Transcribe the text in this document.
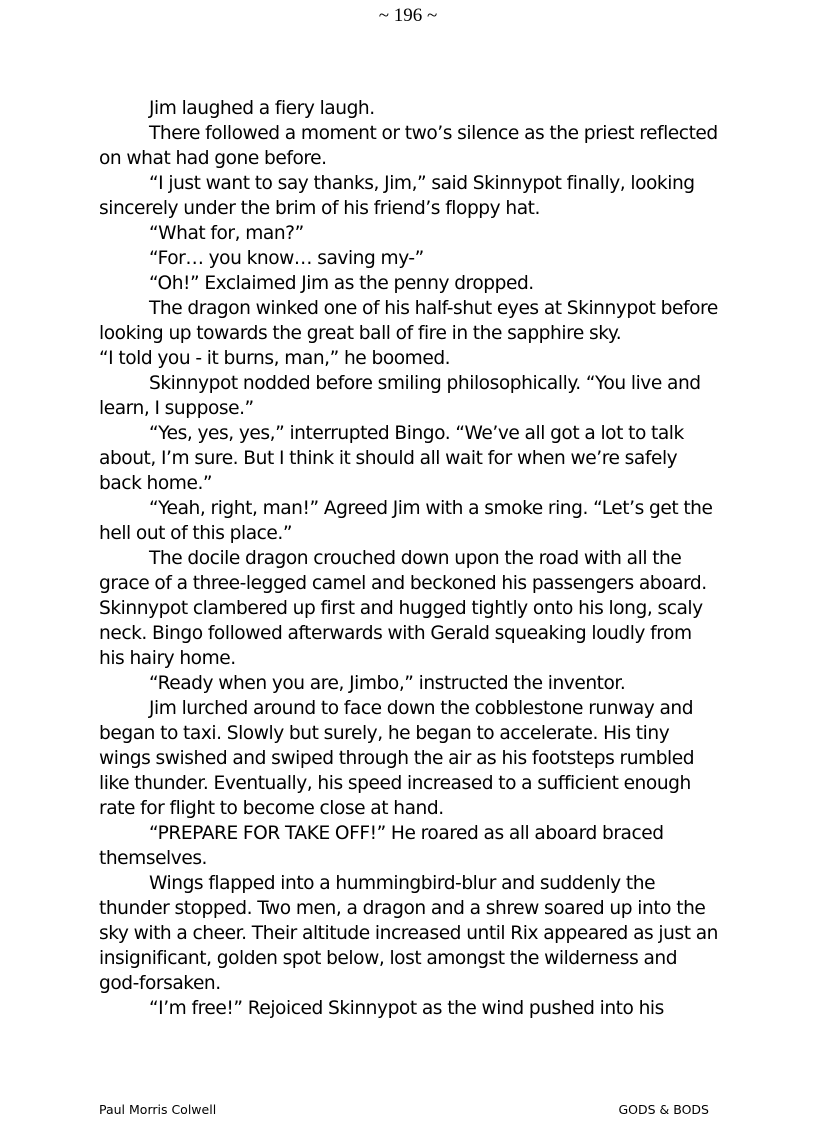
~ 196 ~

Jim laughed a fiery laugh.

There followed a moment or two’s silence as the priest reflected on what had gone before.

“I just want to say thanks, Jim,” said Skinnypot finally, looking sincerely under the brim of his friend’s floppy hat.

“What for, man?”

“For… you know… saving my-”

“Oh!” Exclaimed Jim as the penny dropped.

The dragon winked one of his half-shut eyes at Skinnypot before looking up towards the great ball of fire in the sapphire sky.

“I told you - it burns, man,” he boomed.

Skinnypot nodded before smiling philosophically. “You live and learn, I suppose.”

“Yes, yes, yes,” interrupted Bingo. “We’ve all got a lot to talk about, I’m sure. But I think it should all wait for when we’re safely back home.”

“Yeah, right, man!” Agreed Jim with a smoke ring. “Let’s get the hell out of this place.”

The docile dragon crouched down upon the road with all the grace of a three-legged camel and beckoned his passengers aboard. Skinnypot clambered up first and hugged tightly onto his long, scaly neck. Bingo followed afterwards with Gerald squeaking loudly from his hairy home.

“Ready when you are, Jimbo,” instructed the inventor.

Jim lurched around to face down the cobblestone runway and began to taxi. Slowly but surely, he began to accelerate. His tiny wings swished and swiped through the air as his footsteps rumbled like thunder. Eventually, his speed increased to a sufficient enough rate for flight to become close at hand.

“PREPARE FOR TAKE OFF!” He roared as all aboard braced themselves.

Wings flapped into a hummingbird-blur and suddenly the thunder stopped. Two men, a dragon and a shrew soared up into the sky with a cheer. Their altitude increased until Rix appeared as just an insignificant, golden spot below, lost amongst the wilderness and god-forsaken.

“I’m free!” Rejoiced Skinnypot as the wind pushed into his

Paul Morris Colwell	GODS & BODS
